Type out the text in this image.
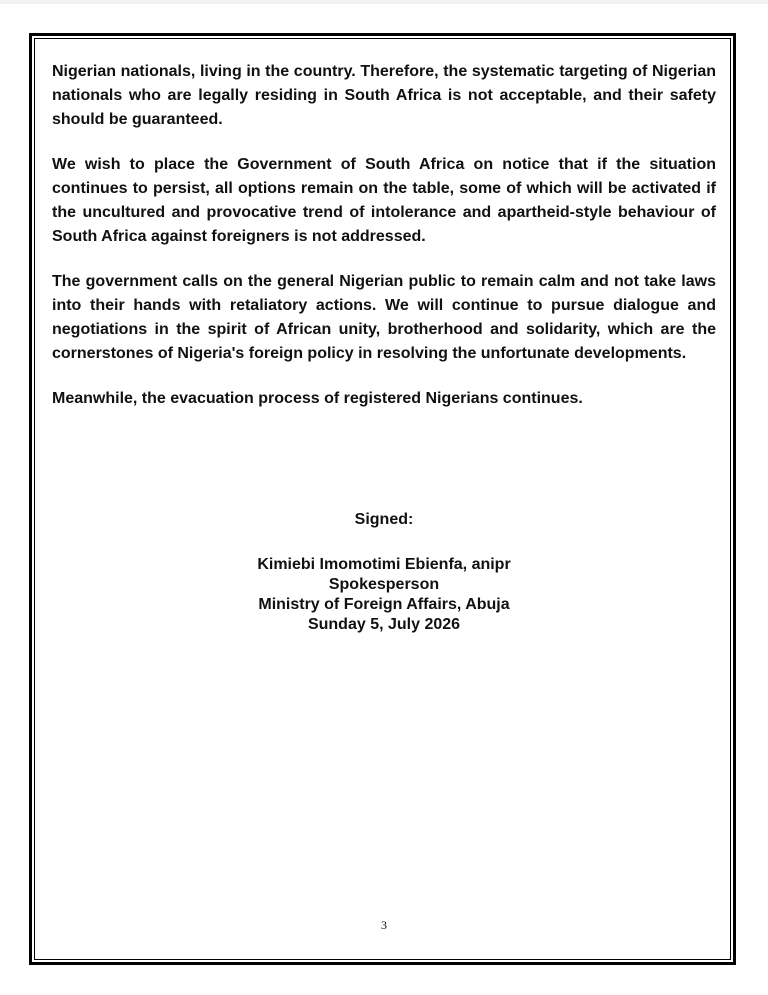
Nigerian nationals, living in the country. Therefore, the systematic targeting of Nigerian nationals who are legally residing in South Africa is not acceptable, and their safety should be guaranteed.

We wish to place the Government of South Africa on notice that if the situation continues to persist, all options remain on the table, some of which will be activated if the uncultured and provocative trend of intolerance and apartheid-style behaviour of South Africa against foreigners is not addressed.

The government calls on the general Nigerian public to remain calm and not take laws into their hands with retaliatory actions. We will continue to pursue dialogue and negotiations in the spirit of African unity, brotherhood and solidarity, which are the cornerstones of Nigeria's foreign policy in resolving the unfortunate developments.

Meanwhile, the evacuation process of registered Nigerians continues.

Signed:
Kimiebi Imomotimi Ebienfa, anipr
Spokesperson
Ministry of Foreign Affairs, Abuja
Sunday 5, July 2026
3
